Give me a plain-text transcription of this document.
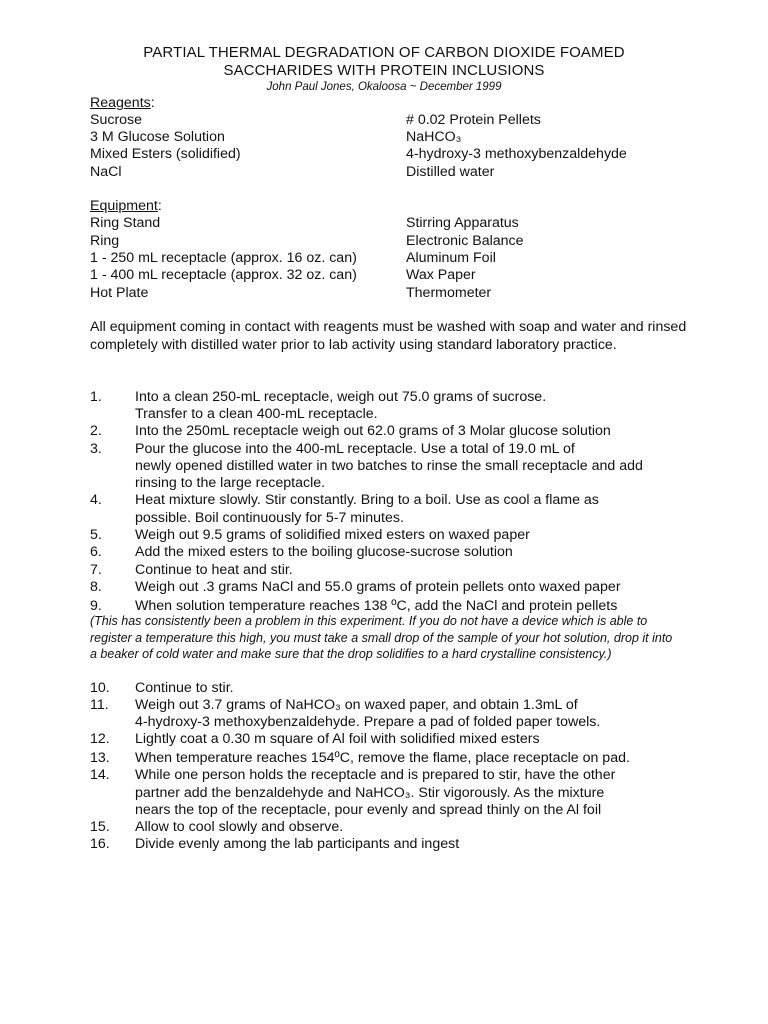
PARTIAL THERMAL DEGRADATION OF CARBON DIOXIDE FOAMED
SACCHARIDES WITH PROTEIN INCLUSIONS
John Paul Jones, Okaloosa ~ December 1999
Reagents:
Sucrose	# 0.02 Protein Pellets
3 M Glucose Solution	NaHCO₃
Mixed Esters (solidified)	4-hydroxy-3 methoxybenzaldehyde
NaCl	Distilled water
Equipment:
Ring Stand	Stirring Apparatus
Ring	Electronic Balance
1 - 250 mL receptacle (approx. 16 oz. can)	Aluminum Foil
1 - 400 mL receptacle (approx. 32 oz. can)	Wax Paper
Hot Plate	Thermometer
All equipment coming in contact with reagents must be washed with soap and water and rinsed completely with distilled water prior to lab activity using standard laboratory practice.
1. Into a clean 250-mL receptacle, weigh out 75.0 grams of sucrose.
Transfer to a clean 400-mL receptacle.
2. Into the 250mL receptacle weigh out 62.0 grams of 3 Molar glucose solution
3. Pour the glucose into the 400-mL receptacle. Use a total of 19.0 mL of
newly opened distilled water in two batches to rinse the small receptacle and add
rinsing to the large receptacle.
4. Heat mixture slowly. Stir constantly. Bring to a boil. Use as cool a flame as
possible. Boil continuously for 5-7 minutes.
5. Weigh out 9.5 grams of solidified mixed esters on waxed paper
6. Add the mixed esters to the boiling glucose-sucrose solution
7. Continue to heat and stir.
8. Weigh out .3 grams NaCl and 55.0 grams of protein pellets onto waxed paper
9. When solution temperature reaches 138 ºC, add the NaCl and protein pellets
(This has consistently been a problem in this experiment. If you do not have a device which is able to register a temperature this high, you must take a small drop of the sample of your hot solution, drop it into a beaker of cold water and make sure that the drop solidifies to a hard crystalline consistency.)
10. Continue to stir.
11. Weigh out 3.7 grams of NaHCO₃ on waxed paper, and obtain 1.3mL of
4-hydroxy-3 methoxybenzaldehyde. Prepare a pad of folded paper towels.
12. Lightly coat a 0.30 m square of Al foil with solidified mixed esters
13. When temperature reaches 154ºC, remove the flame, place receptacle on pad.
14. While one person holds the receptacle and is prepared to stir, have the other
partner add the benzaldehyde and NaHCO₃. Stir vigorously. As the mixture
nears the top of the receptacle, pour evenly and spread thinly on the Al foil
15. Allow to cool slowly and observe.
16. Divide evenly among the lab participants and ingest
